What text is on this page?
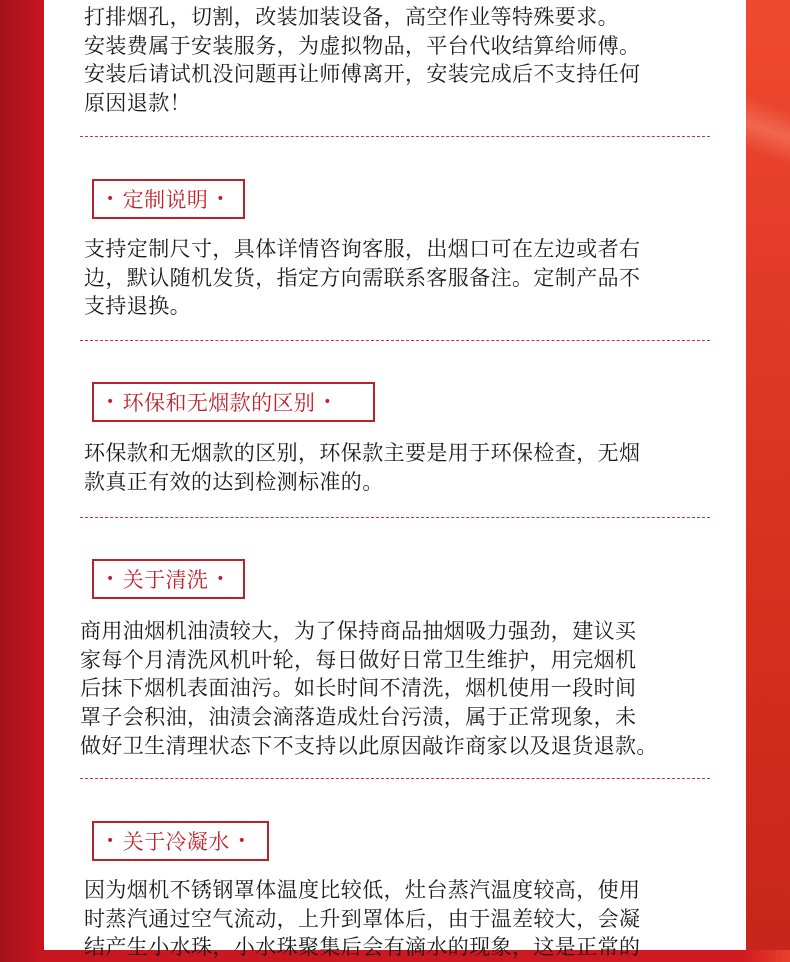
打排烟孔，切割，改装加装设备，高空作业等特殊要求。
安装费属于安装服务，为虚拟物品，平台代收结算给师傅。
安装后请试机没问题再让师傅离开，安装完成后不支持任何
原因退款！
• 定制说明 •
支持定制尺寸，具体详情咨询客服，出烟口可在左边或者右
边，默认随机发货，指定方向需联系客服备注。定制产品不
支持退换。
• 环保和无烟款的区别 •
环保款和无烟款的区别，环保款主要是用于环保检查，无烟
款真正有效的达到检测标准的。
• 关于清洗 •
商用油烟机油渍较大，为了保持商品抽烟吸力强劲，建议买
家每个月清洗风机叶轮，每日做好日常卫生维护，用完烟机
后抹下烟机表面油污。如长时间不清洗，烟机使用一段时间
罩子会积油，油渍会滴落造成灶台污渍，属于正常现象，未
做好卫生清理状态下不支持以此原因敲诈商家以及退货退款。
• 关于冷凝水 •
因为烟机不锈钢罩体温度比较低，灶台蒸汽温度较高，使用
时蒸汽通过空气流动，上升到罩体后，由于温差较大，会凝
结产生小水珠，小水珠聚集后会有滴水的现象，这是正常的
